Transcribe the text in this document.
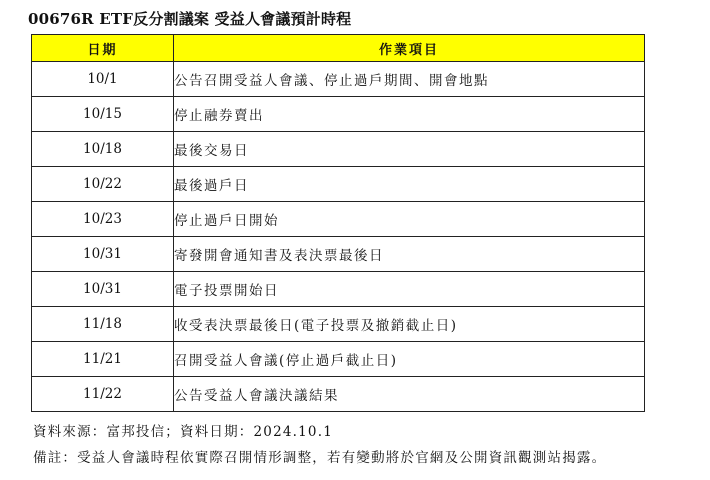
00676R ETF反分割議案 受益人會議預計時程
日期	作業項目
10/1	公告召開受益人會議、停止過戶期間、開會地點
10/15	停止融券賣出
10/18	最後交易日
10/22	最後過戶日
10/23	停止過戶日開始
10/31	寄發開會通知書及表決票最後日
10/31	電子投票開始日
11/18	收受表決票最後日(電子投票及撤銷截止日)
11/21	召開受益人會議(停止過戶截止日)
11/22	公告受益人會議決議結果
資料來源：富邦投信；資料日期：2024.10.1
備註：受益人會議時程依實際召開情形調整，若有變動將於官網及公開資訊觀測站揭露。
